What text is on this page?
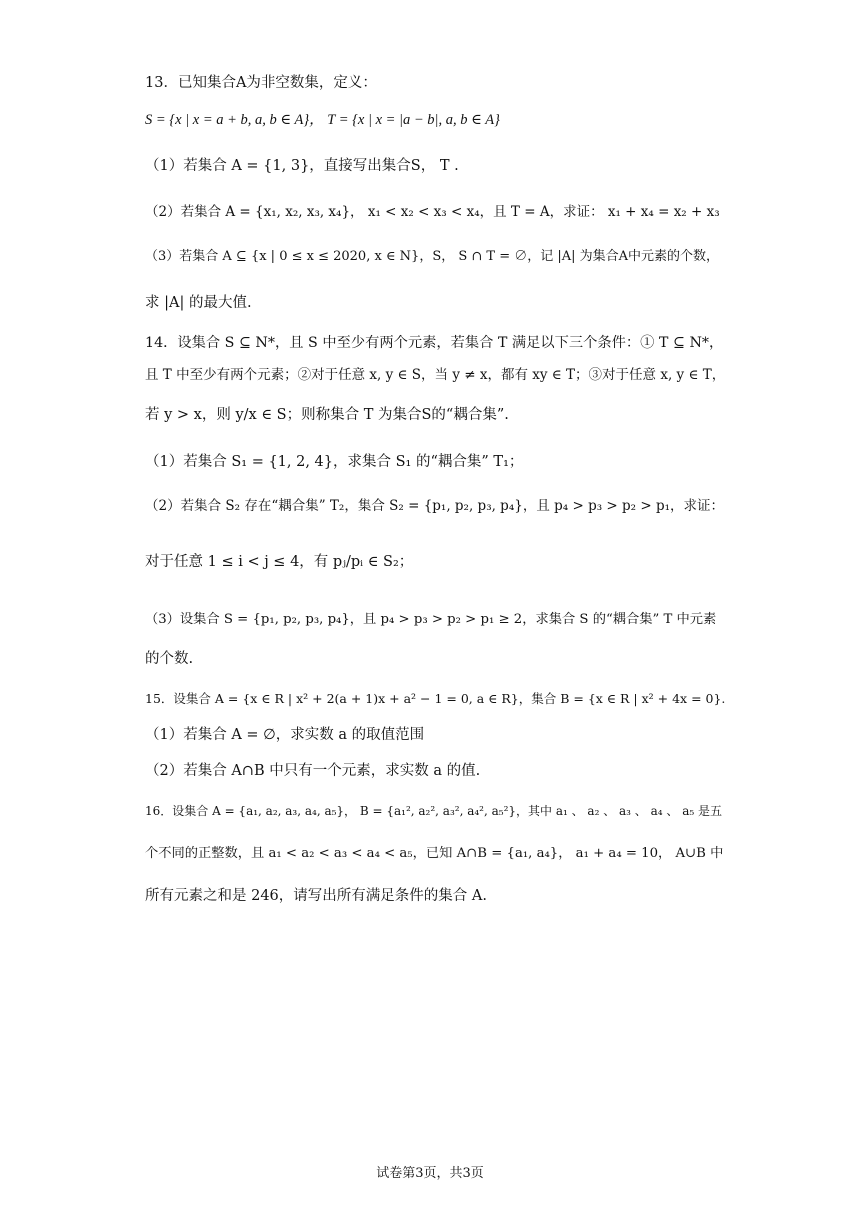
13．已知集合A为非空数集，定义：
S = {x | x = a + b, a, b ∈ A}， T = {x | x = |a − b|, a, b ∈ A}
（1）若集合 A = {1, 3}，直接写出集合S， T .
（2）若集合 A = {x₁, x₂, x₃, x₄}， x₁ < x₂ < x₃ < x₄，且 T = A，求证： x₁ + x₄ = x₂ + x₃
（3）若集合 A ⊆ {x | 0 ≤ x ≤ 2020, x ∈ N}，S， S ∩ T = ∅，记 |A| 为集合A中元素的个数，
求 |A| 的最大值.
14．设集合 S ⊆ N*，且 S 中至少有两个元素，若集合 T 满足以下三个条件：① T ⊆ N*，
且 T 中至少有两个元素；②对于任意 x, y ∈ S，当 y ≠ x，都有 xy ∈ T；③对于任意 x, y ∈ T，
若 y > x，则 y/x ∈ S；则称集合 T 为集合S的“耦合集”.
（1）若集合 S₁ = {1, 2, 4}，求集合 S₁ 的“耦合集” T₁；
（2）若集合 S₂ 存在“耦合集” T₂，集合 S₂ = {p₁, p₂, p₃, p₄}，且 p₄ > p₃ > p₂ > p₁，求证：
对于任意 1 ≤ i < j ≤ 4，有 pⱼ/pᵢ ∈ S₂；
（3）设集合 S = {p₁, p₂, p₃, p₄}，且 p₄ > p₃ > p₂ > p₁ ≥ 2，求集合 S 的“耦合集” T 中元素
的个数.
15．设集合 A = {x ∈ R | x² + 2(a + 1)x + a² − 1 = 0, a ∈ R}，集合 B = {x ∈ R | x² + 4x = 0}.
（1）若集合 A = ∅，求实数 a 的取值范围
（2）若集合 A∩B 中只有一个元素，求实数 a 的值.
16．设集合 A = {a₁, a₂, a₃, a₄, a₅}， B = {a₁², a₂², a₃², a₄², a₅²}，其中 a₁ 、 a₂ 、 a₃ 、 a₄ 、 a₅ 是五
个不同的正整数，且 a₁ < a₂ < a₃ < a₄ < a₅，已知 A∩B = {a₁, a₄}， a₁ + a₄ = 10， A∪B 中
所有元素之和是 246，请写出所有满足条件的集合 A.
试卷第3页，共3页
